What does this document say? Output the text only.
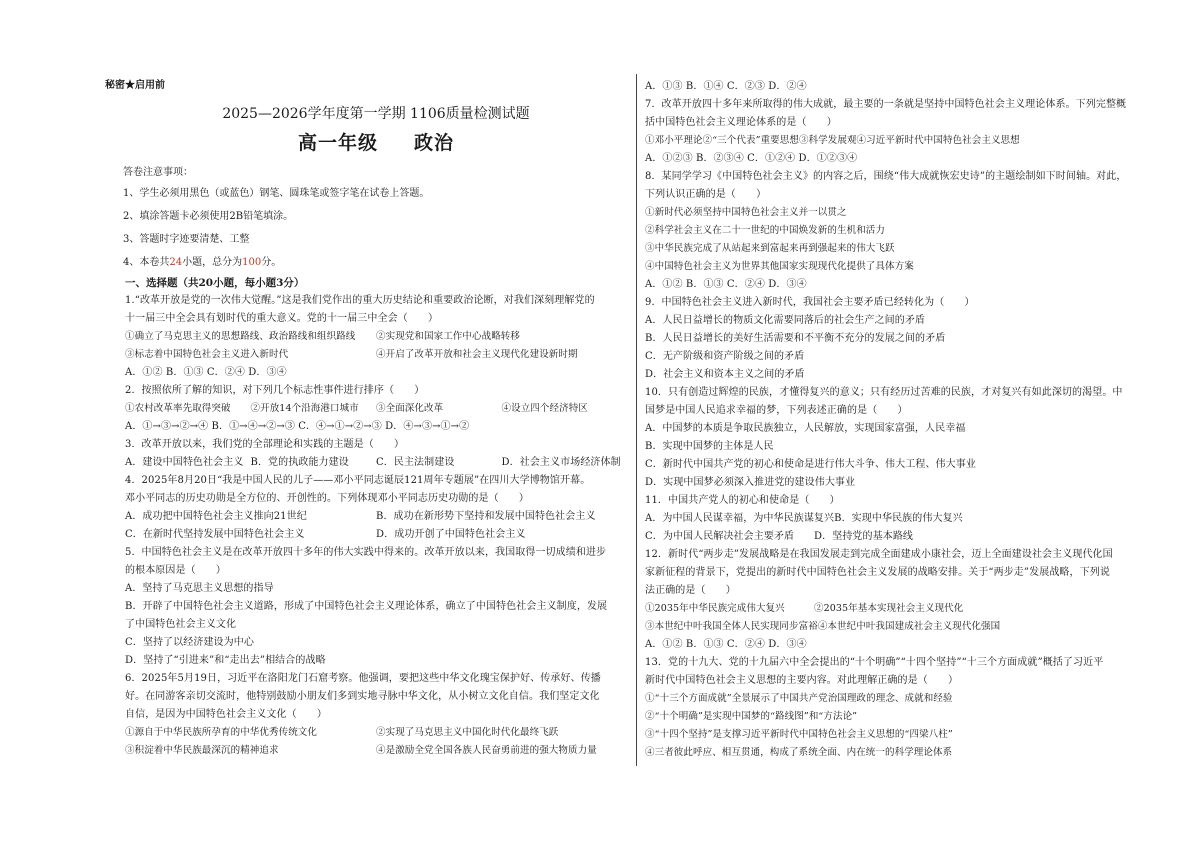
秘密★启用前
2025—2026学年度第一学期 1106质量检测试题
高一年级 政治
答卷注意事项：
1、学生必须用黑色（或蓝色）钢笔、圆珠笔或签字笔在试卷上答题。
2、填涂答题卡必须使用2B铅笔填涂。
3、答题时字迹要清楚、工整
4、本卷共24小题，总分为100分。
一、选择题（共20小题，每小题3分）
1.“改革开放是党的一次伟大觉醒。”这是我们党作出的重大历史结论和重要政治论断，对我们深刻理解党的
十一届三中全会具有划时代的重大意义。党的十一届三中全会（　　）
①确立了马克思主义的思想路线、政治路线和组织路线	②实现党和国家工作中心战略转移
③标志着中国特色社会主义进入新时代	④开启了改革开放和社会主义现代化建设新时期
A．①② B．①③ C．②④ D．③④
2．按照依所了解的知识，对下列几个标志性事件进行排序（　　）
①农村改革率先取得突破	②开放14个沿海港口城市	③全面深化改革	④设立四个经济特区
A．①→③→②→④ B．①→④→②→③ C．④→①→②→③ D．④→③→①→②
3．改革开放以来，我们党的全部理论和实践的主题是（　　）
A．建设中国特色社会主义 B．党的执政能力建设	C．民主法制建设	D．社会主义市场经济体制
4．2025年8月20日“我是中国人民的儿子——邓小平同志诞辰121周年专题展”在四川大学博物馆开幕。
邓小平同志的历史功勋是全方位的、开创性的。下列体现邓小平同志历史功勋的是（　　）
A．成功把中国特色社会主义推向21世纪	B．成功在新形势下坚持和发展中国特色社会主义
C．在新时代坚持发展中国特色社会主义	D．成功开创了中国特色社会主义
5．中国特色社会主义是在改革开放四十多年的伟大实践中得来的。改革开放以来，我国取得一切成绩和进步
的根本原因是（　　）
A．坚持了马克思主义思想的指导
B．开辟了中国特色社会主义道路，形成了中国特色社会主义理论体系，确立了中国特色社会主义制度，发展
了中国特色社会主义文化
C．坚持了以经济建设为中心
D．坚持了“引进来”和“走出去”相结合的战略
6．2025年5月19日，习近平在洛阳龙门石窟考察。他强调，要把这些中华文化瑰宝保护好、传承好、传播
好。在同游客亲切交流时，他特别鼓励小朋友们多到实地寻脉中华文化，从小树立文化自信。我们坚定文化
自信，是因为中国特色社会主义文化（　　）
①源自于中华民族所孕育的中华优秀传统文化	②实现了马克思主义中国化时代化最终飞跃
③积淀着中华民族最深沉的精神追求	④是激励全党全国各族人民奋勇前进的强大物质力量
A．①③ B．①④ C．②③ D．②④
7．改革开放四十多年来所取得的伟大成就，最主要的一条就是坚持中国特色社会主义理论体系。下列完整概
括中国特色社会主义理论体系的是（　　）
①邓小平理论 ②“三个代表”重要思想 ③科学发展观 ④习近平新时代中国特色社会主义思想
A．①②③ B．②③④ C．①②④ D．①②③④
8．某同学学习《中国特色社会主义》的内容之后，围绕“伟大成就恢宏史诗”的主题绘制如下时间轴。对此，
下列认识正确的是（　　）
①新时代必须坚持中国特色社会主义并一以贯之
②科学社会主义在二十一世纪的中国焕发新的生机和活力
③中华民族完成了从站起来到富起来再到强起来的伟大飞跃
④中国特色社会主义为世界其他国家实现现代化提供了具体方案
A．①② B．①③ C．②④ D．③④
9．中国特色社会主义进入新时代，我国社会主要矛盾已经转化为（　　）
A．人民日益增长的物质文化需要同落后的社会生产之间的矛盾
B．人民日益增长的美好生活需要和不平衡不充分的发展之间的矛盾
C．无产阶级和资产阶级之间的矛盾
D．社会主义和资本主义之间的矛盾
10．只有创造过辉煌的民族，才懂得复兴的意义；只有经历过苦难的民族，才对复兴有如此深切的渴望。中
国梦是中国人民追求幸福的梦，下列表述正确的是（　　）
A．中国梦的本质是争取民族独立，人民解放，实现国家富强，人民幸福
B．实现中国梦的主体是人民
C．新时代中国共产党的初心和使命是进行伟大斗争、伟大工程、伟大事业
D．实现中国梦必须深入推进党的建设伟大事业
11．中国共产党人的初心和使命是（　　）
A．为中国人民谋幸福，为中华民族谋复兴 B．实现中华民族的伟大复兴
C．为中国人民解决社会主要矛盾	D．坚持党的基本路线
12．新时代“两步走”发展战略是在我国发展走到完成全面建成小康社会，迈上全面建设社会主义现代化国
家新征程的背景下，党提出的新时代中国特色社会主义发展的战略安排。关于“两步走”发展战略，下列说
法正确的是（　　）
①2035年中华民族完成伟大复兴	②2035年基本实现社会主义现代化
③本世纪中叶我国全体人民实现同步富裕 ④本世纪中叶我国建成社会主义现代化强国
A．①② B．①③ C．②④ D．③④
13．党的十九大、党的十九届六中全会提出的“十个明确”“十四个坚持”“十三个方面成就”概括了习近平
新时代中国特色社会主义思想的主要内容。对此理解正确的是（　　）
①“十三个方面成就”全景展示了中国共产党治国理政的理念、成就和经验
②“十个明确”是实现中国梦的“路线图”和“方法论”
③“十四个坚持”是支撑习近平新时代中国特色社会主义思想的“四梁八柱”
④三者彼此呼应、相互贯通，构成了系统全面、内在统一的科学理论体系
